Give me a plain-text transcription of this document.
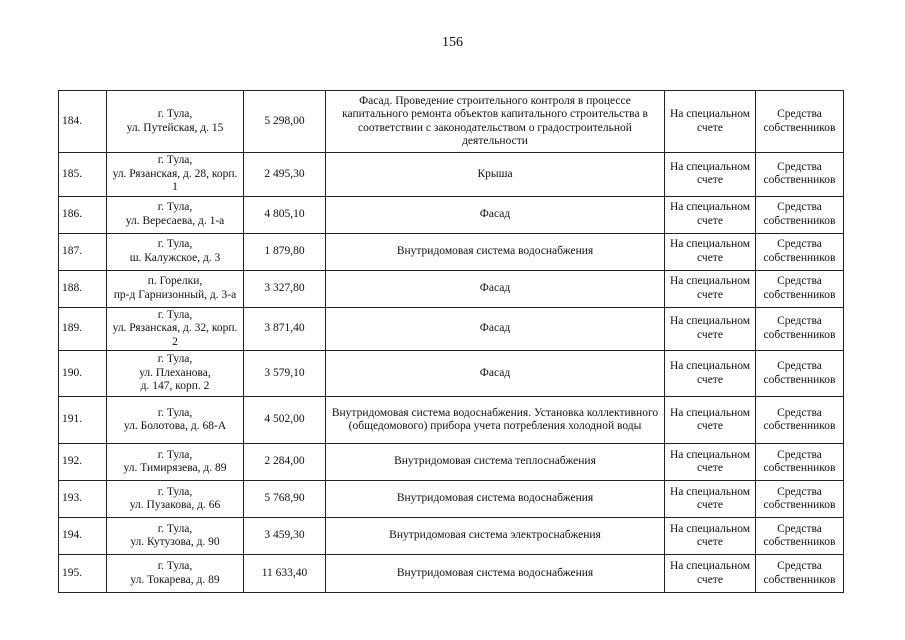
156
184.	г. Тула,
ул. Путейская, д. 15	5 298,00	Фасад. Проведение строительного контроля в процессе капитального ремонта объектов капитального строительства в соответствии с законодательством о градостроительной деятельности	На специальном
счете	Средства
собственников
185.	г. Тула,
ул. Рязанская, д. 28, корп. 1	2 495,30	Крыша	На специальном
счете	Средства
собственников
186.	г. Тула,
ул. Вересаева, д. 1-а	4 805,10	Фасад	На специальном
счете	Средства
собственников
187.	г. Тула,
ш. Калужское, д. 3	1 879,80	Внутридомовая система водоснабжения	На специальном
счете	Средства
собственников
188.	п. Горелки,
пр-д Гарнизонный, д. 3-а	3 327,80	Фасад	На специальном
счете	Средства
собственников
189.	г. Тула,
ул. Рязанская, д. 32, корп. 2	3 871,40	Фасад	На специальном
счете	Средства
собственников
190.	г. Тула,
ул. Плеханова,
д. 147, корп. 2	3 579,10	Фасад	На специальном
счете	Средства
собственников
191.	г. Тула,
ул. Болотова, д. 68-А	4 502,00	Внутридомовая система водоснабжения. Установка коллективного (общедомового) прибора учета потребления холодной воды	На специальном
счете	Средства
собственников
192.	г. Тула,
ул. Тимирязева, д. 89	2 284,00	Внутридомовая система теплоснабжения	На специальном
счете	Средства
собственников
193.	г. Тула,
ул. Пузакова, д. 66	5 768,90	Внутридомовая система водоснабжения	На специальном
счете	Средства
собственников
194.	г. Тула,
ул. Кутузова, д. 90	3 459,30	Внутридомовая система электроснабжения	На специальном
счете	Средства
собственников
195.	г. Тула,
ул. Токарева, д. 89	11 633,40	Внутридомовая система водоснабжения	На специальном
счете	Средства
собственников
